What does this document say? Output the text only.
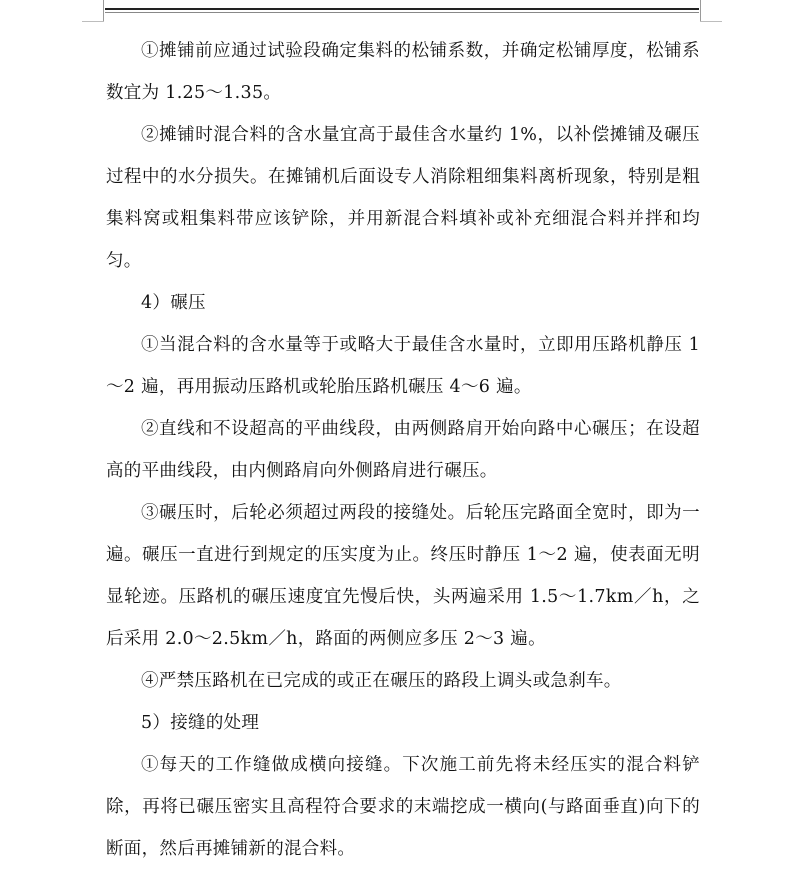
①摊铺前应通过试验段确定集料的松铺系数，并确定松铺厚度，松铺系数宜为 1.25～1.35。

②摊铺时混合料的含水量宜高于最佳含水量约 1%，以补偿摊铺及碾压过程中的水分损失。在摊铺机后面设专人消除粗细集料离析现象，特别是粗集料窝或粗集料带应该铲除，并用新混合料填补或补充细混合料并拌和均匀。

4）碾压

①当混合料的含水量等于或略大于最佳含水量时，立即用压路机静压 1～2 遍，再用振动压路机或轮胎压路机碾压 4～6 遍。

②直线和不设超高的平曲线段，由两侧路肩开始向路中心碾压；在设超高的平曲线段，由内侧路肩向外侧路肩进行碾压。

③碾压时，后轮必须超过两段的接缝处。后轮压完路面全宽时，即为一遍。碾压一直进行到规定的压实度为止。终压时静压 1～2 遍，使表面无明显轮迹。压路机的碾压速度宜先慢后快，头两遍采用 1.5～1.7km／h，之后采用 2.0～2.5km／h，路面的两侧应多压 2～3 遍。

④严禁压路机在已完成的或正在碾压的路段上调头或急刹车。

5）接缝的处理

①每天的工作缝做成横向接缝。下次施工前先将未经压实的混合料铲除，再将已碾压密实且高程符合要求的末端挖成一横向(与路面垂直)向下的断面，然后再摊铺新的混合料。
